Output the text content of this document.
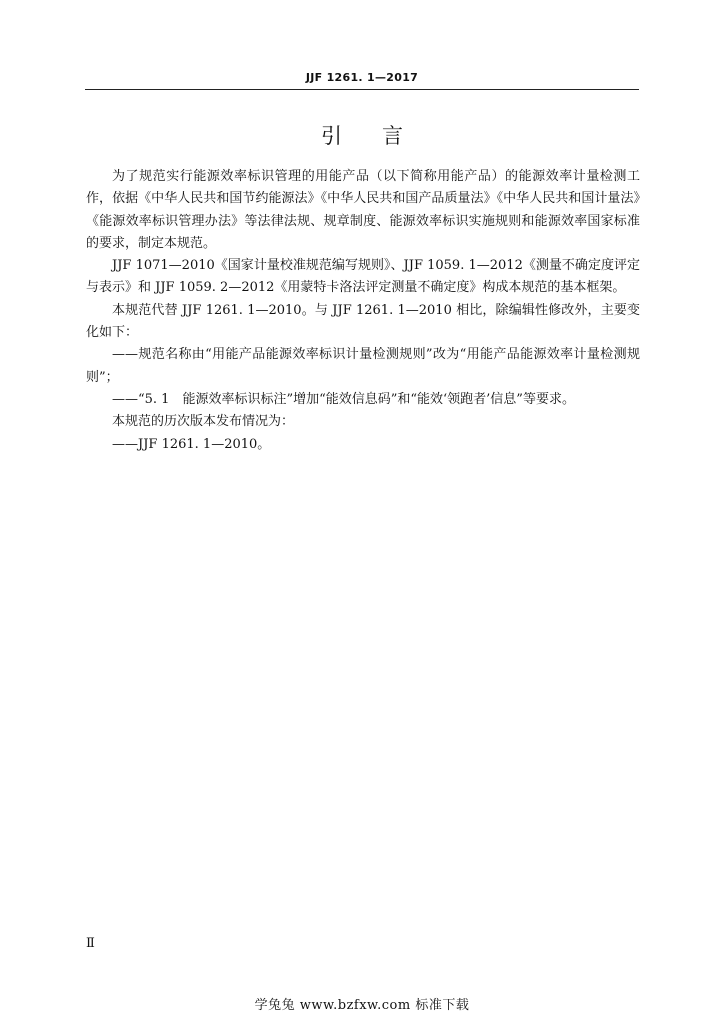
JJF 1261. 1—2017
引言

为了规范实行能源效率标识管理的用能产品（以下简称用能产品）的能源效率计量检测工作，依据《中华人民共和国节约能源法》《中华人民共和国产品质量法》《中华人民共和国计量法》《能源效率标识管理办法》等法律法规、规章制度、能源效率标识实施规则和能源效率国家标准的要求，制定本规范。

JJF 1071—2010《国家计量校准规范编写规则》、JJF 1059. 1—2012《测量不确定度评定与表示》和 JJF 1059. 2—2012《用蒙特卡洛法评定测量不确定度》构成本规范的基本框架。

本规范代替 JJF 1261. 1—2010。与 JJF 1261. 1—2010 相比，除编辑性修改外，主要变化如下：

——规范名称由“用能产品能源效率标识计量检测规则”改为“用能产品能源效率计量检测规则”；

——“5. 1　能源效率标识标注”增加“能效信息码”和“能效‘领跑者’信息”等要求。

本规范的历次版本发布情况为：

——JJF 1261. 1—2010。

Ⅱ
学兔兔 www.bzfxw.com 标准下载
